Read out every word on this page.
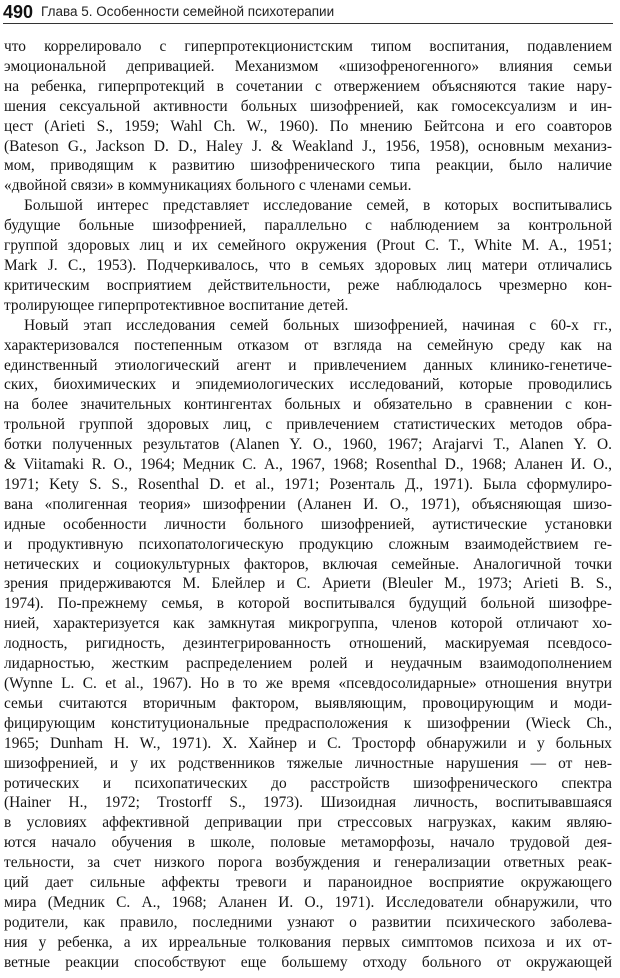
490 Глава 5. Особенности семейной психотерапии
что коррелировало с гиперпротекционистским типом воспитания, подавлением
эмоциональной депривацией. Механизмом «шизофреногенного» влияния семьи
на ребенка, гиперпротекций в сочетании с отвержением объясняются такие нару-
шения сексуальной активности больных шизофренией, как гомосексуализм и ин-
цест (Arieti S., 1959; Wahl Ch. W., 1960). По мнению Бейтсона и его соавторов
(Bateson G., Jackson D. D., Haley J. & Weakland J., 1956, 1958), основным механиз-
мом, приводящим к развитию шизофренического типа реакции, было наличие
«двойной связи» в коммуникациях больного с членами семьи.
Большой интерес представляет исследование семей, в которых воспитывались
будущие больные шизофренией, параллельно с наблюдением за контрольной
группой здоровых лиц и их семейного окружения (Prout C. T., White M. A., 1951;
Mark J. C., 1953). Подчеркивалось, что в семьях здоровых лиц матери отличались
критическим восприятием действительности, реже наблюдалось чрезмерно кон-
тролирующее гиперпротективное воспитание детей.
Новый этап исследования семей больных шизофренией, начиная с 60-х гг.,
характеризовался постепенным отказом от взгляда на семейную среду как на
единственный этиологический агент и привлечением данных клинико-генетиче-
ских, биохимических и эпидемиологических исследований, которые проводились
на более значительных контингентах больных и обязательно в сравнении с кон-
трольной группой здоровых лиц, с привлечением статистических методов обра-
ботки полученных результатов (Alanen Y. O., 1960, 1967; Arajarvi T., Alanen Y. O.
& Viitamaki R. O., 1964; Медник С. А., 1967, 1968; Rosenthal D., 1968; Аланен И. О.,
1971; Kety S. S., Rosenthal D. et al., 1971; Розенталь Д., 1971). Была сформулиро-
вана «полигенная теория» шизофрении (Аланен И. О., 1971), объясняющая шизо-
идные особенности личности больного шизофренией, аутистические установки
и продуктивную психопатологическую продукцию сложным взаимодействием ге-
нетических и социокультурных факторов, включая семейные. Аналогичной точки
зрения придерживаются М. Блейлер и С. Ариети (Bleuler M., 1973; Arieti B. S.,
1974). По-прежнему семья, в которой воспитывался будущий больной шизофре-
нией, характеризуется как замкнутая микрогруппа, членов которой отличают хо-
лодность, ригидность, дезинтегрированность отношений, маскируемая псевдосо-
лидарностью, жестким распределением ролей и неудачным взаимодополнением
(Wynne L. C. et al., 1967). Но в то же время «псевдосолидарные» отношения внутри
семьи считаются вторичным фактором, выявляющим, провоцирующим и моди-
фицирующим конституциональные предрасположения к шизофрении (Wieck Ch.,
1965; Dunham H. W., 1971). Х. Хайнер и С. Тросторф обнаружили и у больных
шизофренией, и у их родственников тяжелые личностные нарушения — от нев-
ротических и психопатических до расстройств шизофренического спектра
(Hainer H., 1972; Trostorff S., 1973). Шизоидная личность, воспитывавшаяся
в условиях аффективной депривации при стрессовых нагрузках, каким являю-
ются начало обучения в школе, половые метаморфозы, начало трудовой дея-
тельности, за счет низкого порога возбуждения и генерализации ответных реак-
ций дает сильные аффекты тревоги и параноидное восприятие окружающего
мира (Медник С. А., 1968; Аланен И. О., 1971). Исследователи обнаружили, что
родители, как правило, последними узнают о развитии психического заболева-
ния у ребенка, а их ирреальные толкования первых симптомов психоза и их от-
ветные реакции способствуют еще большему отходу больного от окружающей
